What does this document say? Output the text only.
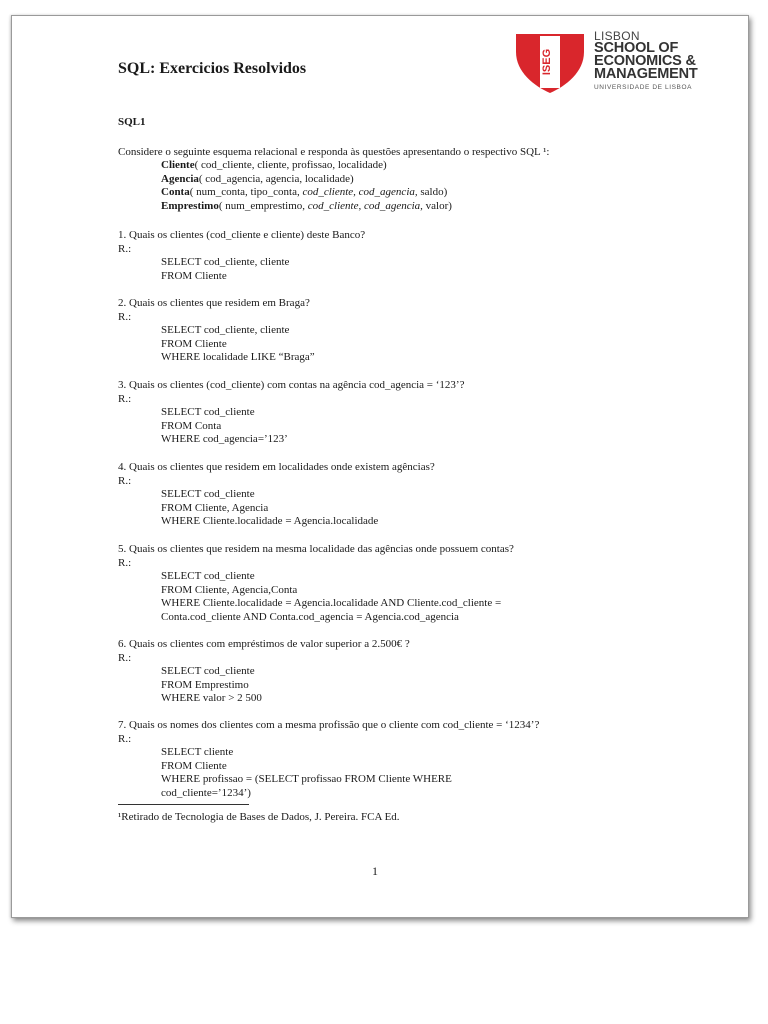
SQL: Exercicios Resolvidos	ISEG
LISBON
SCHOOL OF
ECONOMICS &
MANAGEMENT
UNIVERSIDADE DE LISBOA
SQL1
Considere o seguinte esquema relacional e responda às questões apresentando o respectivo SQL ¹:
Cliente( cod_cliente, cliente, profissao, localidade)
Agencia( cod_agencia, agencia, localidade)
Conta( num_conta, tipo_conta, cod_cliente, cod_agencia, saldo)
Emprestimo( num_emprestimo, cod_cliente, cod_agencia, valor)
1. Quais os clientes (cod_cliente e cliente) deste Banco?
R.:
SELECT cod_cliente, cliente
FROM Cliente
2. Quais os clientes que residem em Braga?
R.:
SELECT cod_cliente, cliente
FROM Cliente
WHERE localidade LIKE “Braga”
3. Quais os clientes (cod_cliente) com contas na agência cod_agencia = ‘123’?
R.:
SELECT cod_cliente
FROM Conta
WHERE cod_agencia=’123’
4. Quais os clientes que residem em localidades onde existem agências?
R.:
SELECT cod_cliente
FROM Cliente, Agencia
WHERE Cliente.localidade = Agencia.localidade
5. Quais os clientes que residem na mesma localidade das agências onde possuem contas?
R.:
SELECT cod_cliente
FROM Cliente, Agencia,Conta
WHERE Cliente.localidade = Agencia.localidade AND Cliente.cod_cliente =
Conta.cod_cliente AND Conta.cod_agencia = Agencia.cod_agencia
6. Quais os clientes com empréstimos de valor superior a 2.500€ ?
R.:
SELECT cod_cliente
FROM Emprestimo
WHERE valor > 2 500
7. Quais os nomes dos clientes com a mesma profissão que o cliente com cod_cliente = ‘1234’?
R.:
SELECT cliente
FROM Cliente
WHERE profissao = (SELECT profissao FROM Cliente WHERE
cod_cliente=’1234’)
¹Retirado de Tecnologia de Bases de Dados, J. Pereira. FCA Ed.
1
